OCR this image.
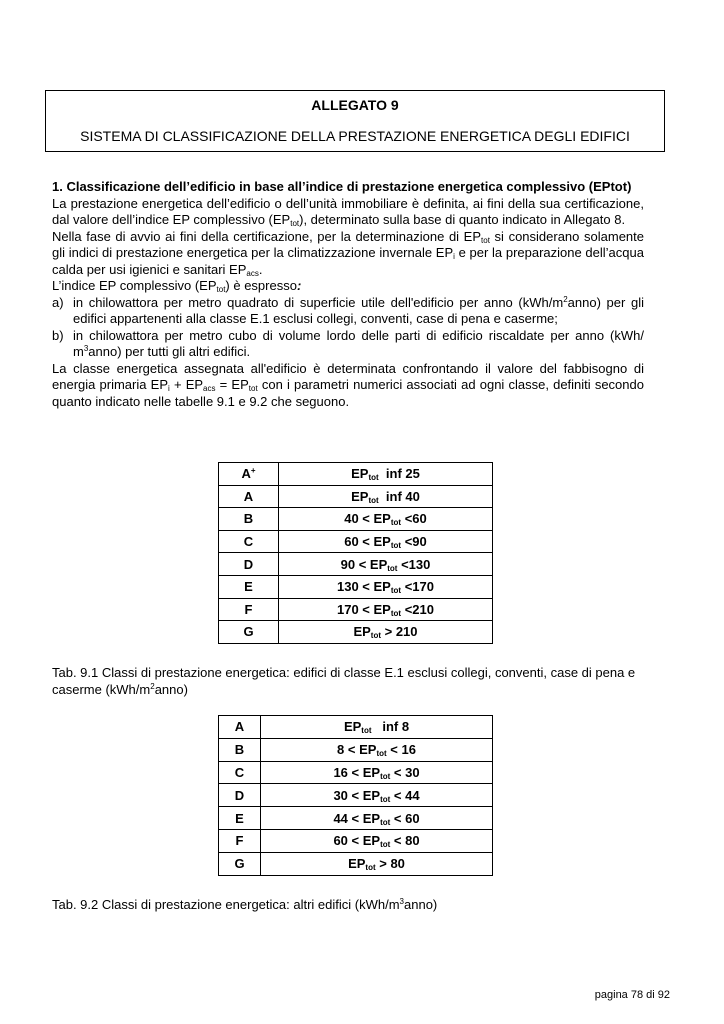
ALLEGATO 9
SISTEMA DI CLASSIFICAZIONE DELLA PRESTAZIONE ENERGETICA DEGLI EDIFICI

1. Classificazione dell’edificio in base all’indice di prestazione energetica complessivo (EPtot)

La prestazione energetica dell’edificio o dell’unità immobiliare è definita, ai fini della sua certificazione, dal valore dell’indice EP complessivo $(EP_{tot})$, determinato sulla base di quanto indicato in Allegato 8.

Nella fase di avvio ai fini della certificazione, per la determinazione di $EP_{tot}$ si considerano solamente gli indici di prestazione energetica per la climatizzazione invernale $EP_i$ e per la preparazione dell’acqua calda per usi igienici e sanitari $EP_{acs}$.

L’indice EP complessivo $(EP_{tot})$ è espresso:

a) in chilowattora per metro quadrato di superficie utile dell'edificio per anno $(kWh/m^2anno)$ per gli edifici appartenenti alla classe E.1 esclusi collegi, conventi, case di pena e caserme;
b) in chilowattora per metro cubo di volume lordo delle parti di edificio riscaldate per anno (kWh/ $m^3anno$) per tutti gli altri edifici.

La classe energetica assegnata all'edificio è determinata confrontando il valore del fabbisogno di energia primaria $EP_i + EP_{acs} = EP_{tot}$ con i parametri numerici associati ad ogni classe, definiti secondo quanto indicato nelle tabelle 9.1 e 9.2 che seguono.

A+	$EP_{tot}$  inf 25
A	$EP_{tot}$  inf 40
B	$40 < EP_{tot} <60$
C	$60 < EP_{tot} <90$
D	$90 < EP_{tot} <130$
E	$130 < EP_{tot} <170$
F	$170 < EP_{tot} <210$
G	$EP_{tot} > 210$
Tab. 9.1 Classi di prestazione energetica: edifici di classe E.1 esclusi collegi, conventi, case di pena e caserme $(kWh/m^2anno)$
A	$EP_{tot}$   inf 8
B	$8 < EP_{tot} < 16$
C	$16 < EP_{tot} < 30$
D	$30 < EP_{tot} < 44$
E	$44 < EP_{tot} < 60$
F	$60 < EP_{tot} < 80$
G	$EP_{tot} > 80$
Tab. 9.2 Classi di prestazione energetica: altri edifici $(kWh/m^3anno)$
pagina 78 di 92
